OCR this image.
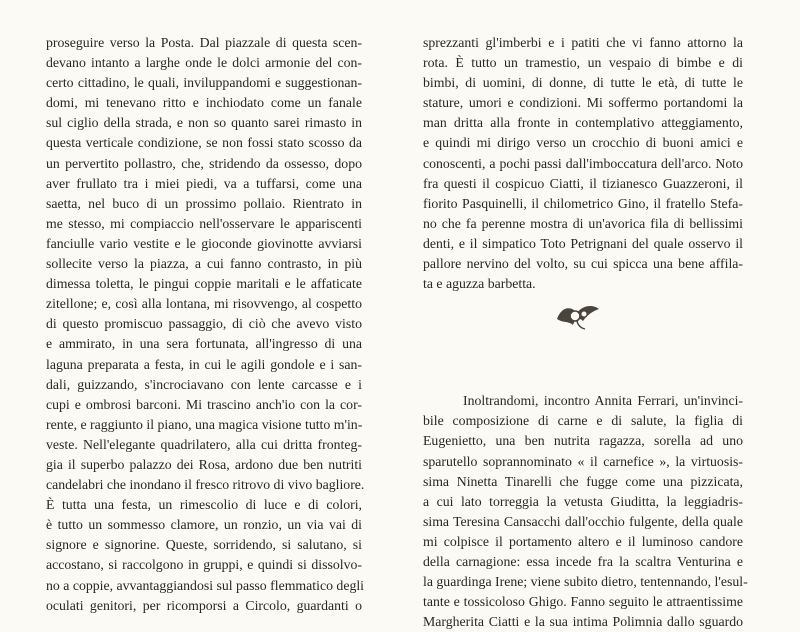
proseguire verso la Posta. Dal piazzale di questa scen-
devano intanto a larghe onde le dolci armonie del con-
certo cittadino, le quali, inviluppandomi e suggestionan-
domi, mi tenevano ritto e inchiodato come un fanale
sul ciglio della strada, e non so quanto sarei rimasto in
questa verticale condizione, se non fossi stato scosso da
un pervertito pollastro, che, stridendo da ossesso, dopo
aver frullato tra i miei piedi, va a tuffarsi, come una
saetta, nel buco di un prossimo pollaio. Rientrato in
me stesso, mi compiaccio nell'osservare le appariscenti
fanciulle vario vestite e le gioconde giovinotte avviarsi
sollecite verso la piazza, a cui fanno contrasto, in più
dimessa toletta, le pingui coppie maritali e le affaticate
zitellone; e, così alla lontana, mi risovvengo, al cospetto
di questo promiscuo passaggio, di ciò che avevo visto
e ammirato, in una sera fortunata, all'ingresso di una
laguna preparata a festa, in cui le agili gondole e i san-
dali, guizzando, s'incrociavano con lente carcasse e i
cupi e ombrosi barconi. Mi trascino anch'io con la cor-
rente, e raggiunto il piano, una magica visione tutto m'in-
veste. Nell'elegante quadrilatero, alla cui dritta fronteg-
gia il superbo palazzo dei Rosa, ardono due ben nutriti
candelabri che inondano il fresco ritrovo di vivo bagliore.
È tutta una festa, un rimescolio di luce e di colori,
è tutto un sommesso clamore, un ronzio, un via vai di
signore e signorine. Queste, sorridendo, si salutano, si
accostano, si raccolgono in gruppi, e quindi si dissolvo-
no a coppie, avvantaggiandosi sul passo flemmatico degli
oculati genitori, per ricomporsi a Circolo, guardanti o
sprezzanti gl'imberbi e i patiti che vi fanno attorno la
rota. È tutto un tramestio, un vespaio di bimbe e di
bimbi, di uomini, di donne, di tutte le età, di tutte le
stature, umori e condizioni. Mi soffermo portandomi la
man dritta alla fronte in contemplativo atteggiamento,
e quindi mi dirigo verso un crocchio di buoni amici e
conoscenti, a pochi passi dall'imboccatura dell'arco. Noto
fra questi il cospicuo Ciatti, il tizianesco Guazzeroni, il
fiorito Pasquinelli, il chilometrico Gino, il fratello Stefa-
no che fa perenne mostra di un'avorica fila di bellissimi
denti, e il simpatico Toto Petrignani del quale osservo il
pallore nervino del volto, su cui spicca una bene affila-
ta e aguzza barbetta.
Inoltrandomi, incontro Annita Ferrari, un'invinci-
bile composizione di carne e di salute, la figlia di
Eugenietto, una ben nutrita ragazza, sorella ad uno
sparutello soprannominato « il carnefice », la virtuosis-
sima Ninetta Tinarelli che fugge come una pizzicata,
a cui lato torreggia la vetusta Giuditta, la leggiadris-
sima Teresina Cansacchi dall'occhio fulgente, della quale
mi colpisce il portamento altero e il luminoso candore
della carnagione: essa incede fra la scaltra Venturina e
la guardinga Irene; viene subito dietro, tentennando, l'esul-
tante e tossicoloso Ghigo. Fanno seguito le attraentissime
Margherita Ciatti e la sua intima Polimnia dallo sguardo
